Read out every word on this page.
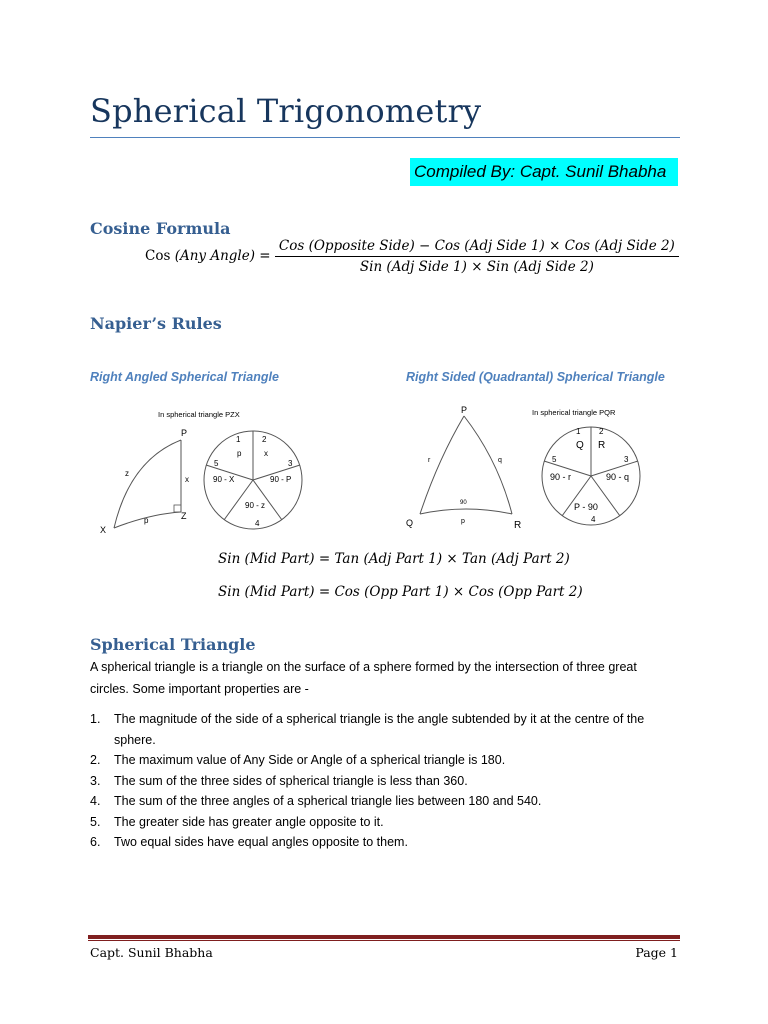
Spherical Trigonometry
Compiled By: Capt. Sunil Bhabha
Cosine Formula
Cos (Any Angle) = $\frac{\text{Cos (Opposite Side) − Cos (Adj Side 1) × Cos (Adj Side 2)}}{\text{Sin (Adj Side 1) × Sin (Adj Side 2)}}$
Napier’s Rules
Right Angled Spherical Triangle	Right Sided (Quadrantal) Spherical Triangle
In spherical triangle PZX
P
X
Z
z
x
p
1	2
3
4
5
p	x
90 - P
90 - z
90 - X
In spherical triangle PQR
P
Q	R
r	q
90
p
1 2
3
4
5
Q R
90 - q
P - 90
90 - r
Sin (Mid Part) = Tan (Adj Part 1) × Tan (Adj Part 2)
Sin (Mid Part) = Cos (Opp Part 1) × Cos (Opp Part 2)
Spherical Triangle
A spherical triangle is a triangle on the surface of a sphere formed by the intersection of three great circles. Some important properties are -
1. The magnitude of the side of a spherical triangle is the angle subtended by it at the centre of the sphere.
2. The maximum value of Any Side or Angle of a spherical triangle is 180.
3. The sum of the three sides of spherical triangle is less than 360.
4. The sum of the three angles of a spherical triangle lies between 180 and 540.
5. The greater side has greater angle opposite to it.
6. Two equal sides have equal angles opposite to them.
Capt. Sunil Bhabha	Page 1
